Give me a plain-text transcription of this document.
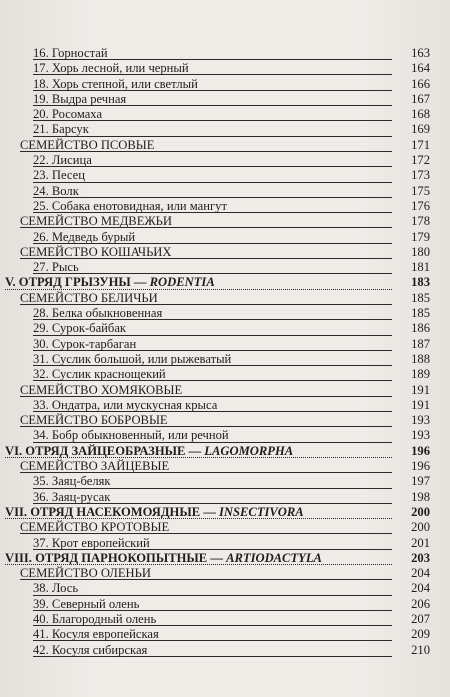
16. Горностай	163
17. Хорь лесной, или черный	164
18. Хорь степной, или светлый	166
19. Выдра речная	167
20. Росомаха	168
21. Барсук	169
СЕМЕЙСТВО ПСОВЫЕ	171
22. Лисица	172
23. Песец	173
24. Волк	175
25. Собака енотовидная, или мангут	176
СЕМЕЙСТВО МЕДВЕЖЬИ	178
26. Медведь бурый	179
СЕМЕЙСТВО КОШАЧЬИХ	180
27. Рысь	181
V. ОТРЯД ГРЫЗУНЫ — RODENTIA	183
СЕМЕЙСТВО БЕЛИЧЬИ	185
28. Белка обыкновенная	185
29. Сурок-байбак	186
30. Сурок-тарбаган	187
31. Суслик большой, или рыжеватый	188
32. Суслик краснощекий	189
СЕМЕЙСТВО ХОМЯКОВЫЕ	191
33. Ондатра, или мускусная крыса	191
СЕМЕЙСТВО БОБРОВЫЕ	193
34. Бобр обыкновенный, или речной	193
VI. ОТРЯД ЗАЙЦЕОБРАЗНЫЕ — LAGOMORPHA	196
СЕМЕЙСТВО ЗАЙЦЕВЫЕ	196
35. Заяц-беляк	197
36. Заяц-русак	198
VII. ОТРЯД НАСЕКОМОЯДНЫЕ — INSECTIVORA	200
СЕМЕЙСТВО КРОТОВЫЕ	200
37. Крот европейский	201
VIII. ОТРЯД ПАРНОКОПЫТНЫЕ — ARTIODACTYLA	203
СЕМЕЙСТВО ОЛЕНЬИ	204
38. Лось	204
39. Северный олень	206
40. Благородный олень	207
41. Косуля европейская	209
42. Косуля сибирская	210
